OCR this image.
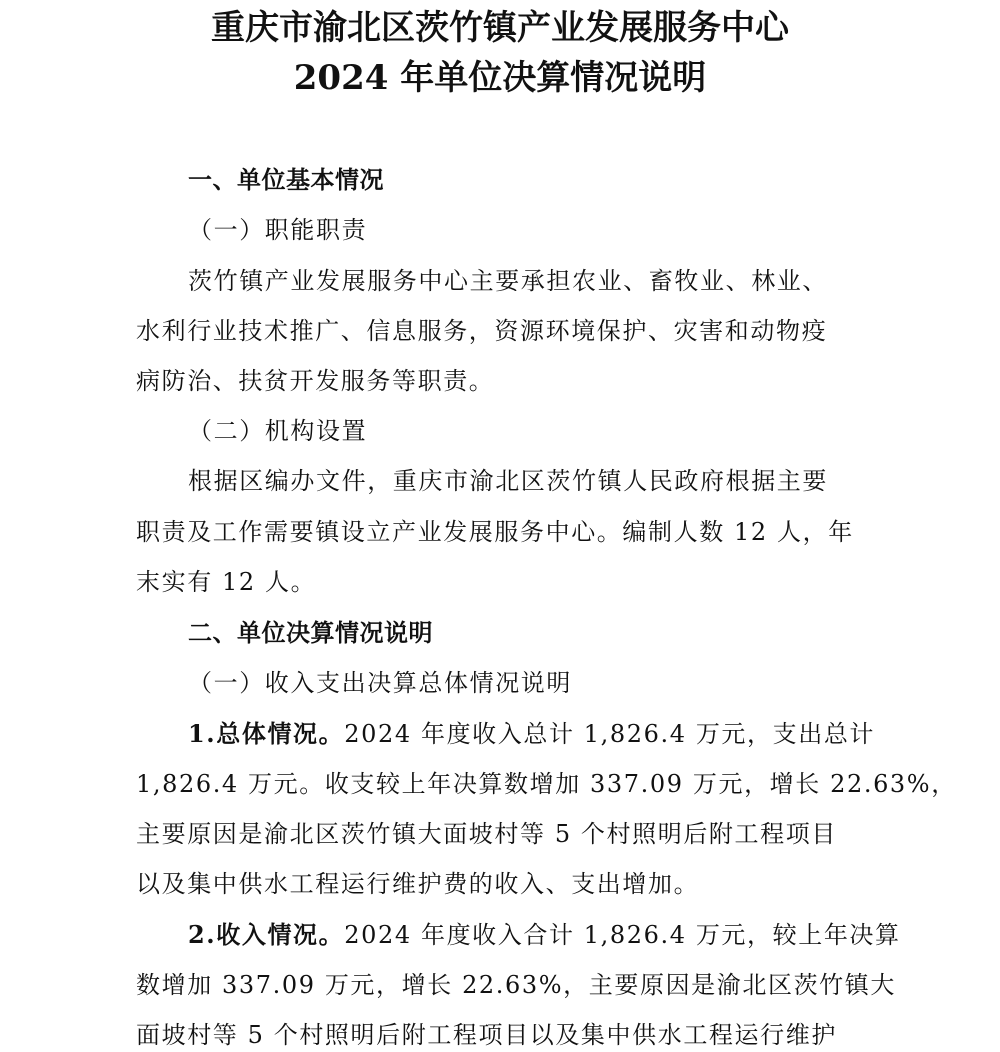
重庆市渝北区茨竹镇产业发展服务中心
2024 年单位决算情况说明

一、单位基本情况

（一）职能职责

茨竹镇产业发展服务中心主要承担农业、畜牧业、林业、

水利行业技术推广、信息服务，资源环境保护、灾害和动物疫

病防治、扶贫开发服务等职责。

（二）机构设置

根据区编办文件，重庆市渝北区茨竹镇人民政府根据主要

职责及工作需要镇设立产业发展服务中心。编制人数 12 人，年

末实有 12 人。

二、单位决算情况说明

（一）收入支出决算总体情况说明

1.总体情况。2024 年度收入总计 1,826.4 万元，支出总计

1,826.4 万元。收支较上年决算数增加 337.09 万元，增长 22.63%，

主要原因是渝北区茨竹镇大面坡村等 5 个村照明后附工程项目

以及集中供水工程运行维护费的收入、支出增加。

2.收入情况。2024 年度收入合计 1,826.4 万元，较上年决算

数增加 337.09 万元，增长 22.63%，主要原因是渝北区茨竹镇大

面坡村等 5 个村照明后附工程项目以及集中供水工程运行维护
